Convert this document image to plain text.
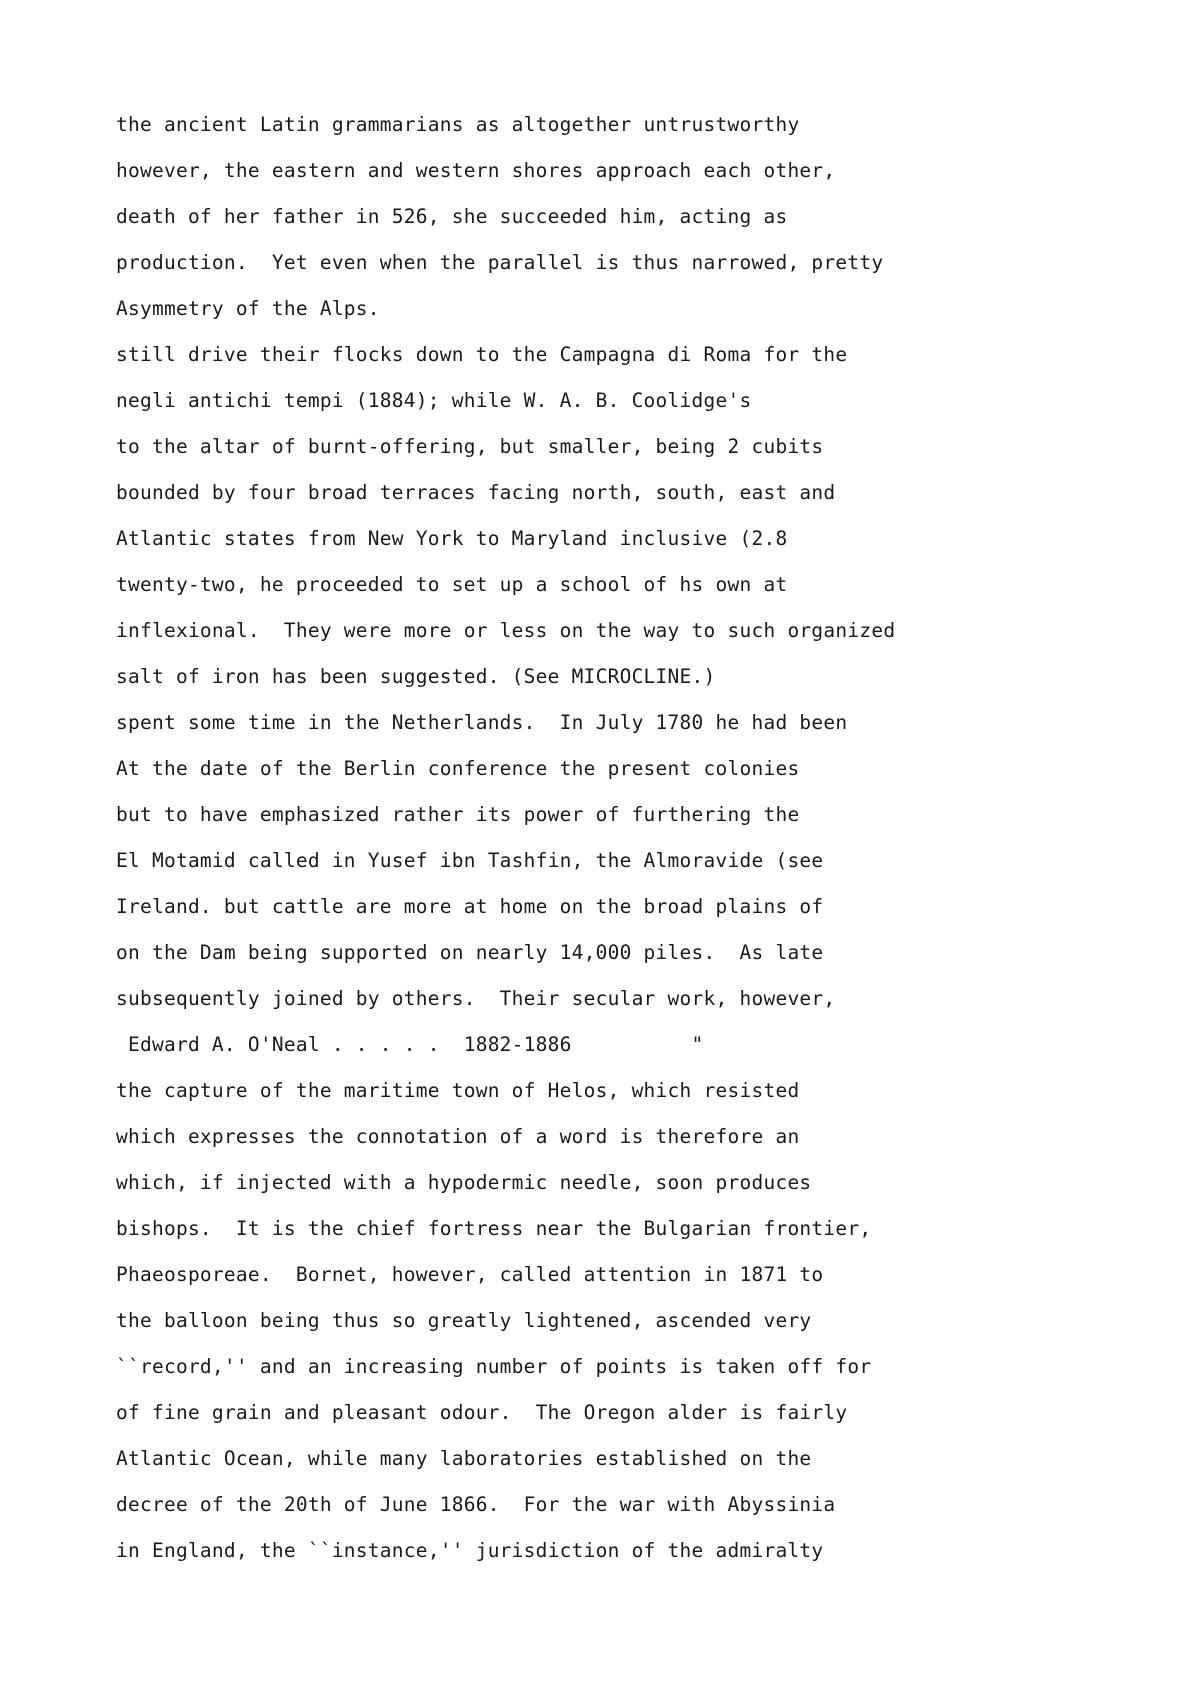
the ancient Latin grammarians as altogether untrustworthy
however, the eastern and western shores approach each other,
death of her father in 526, she succeeded him, acting as
production.  Yet even when the parallel is thus narrowed, pretty
Asymmetry of the Alps.
still drive their flocks down to the Campagna di Roma for the
negli antichi tempi (1884); while W. A. B. Coolidge's
to the altar of burnt-offering, but smaller, being 2 cubits
bounded by four broad terraces facing north, south, east and
Atlantic states from New York to Maryland inclusive (2.8
twenty-two, he proceeded to set up a school of hs own at
inflexional.  They were more or less on the way to such organized
salt of iron has been suggested. (See MICROCLINE.)
spent some time in the Netherlands.  In July 1780 he had been
At the date of the Berlin conference the present colonies
but to have emphasized rather its power of furthering the
El Motamid called in Yusef ibn Tashfin, the Almoravide (see
Ireland. but cattle are more at home on the broad plains of
on the Dam being supported on nearly 14,000 piles.  As late
subsequently joined by others.  Their secular work, however,
Edward A. O'Neal . . . . .  1882-1886          "
the capture of the maritime town of Helos, which resisted
which expresses the connotation of a word is therefore an
which, if injected with a hypodermic needle, soon produces
bishops.  It is the chief fortress near the Bulgarian frontier,
Phaeosporeae.  Bornet, however, called attention in 1871 to
the balloon being thus so greatly lightened, ascended very
``record,'' and an increasing number of points is taken off for
of fine grain and pleasant odour.  The Oregon alder is fairly
Atlantic Ocean, while many laboratories established on the
decree of the 20th of June 1866.  For the war with Abyssinia
in England, the ``instance,'' jurisdiction of the admiralty
